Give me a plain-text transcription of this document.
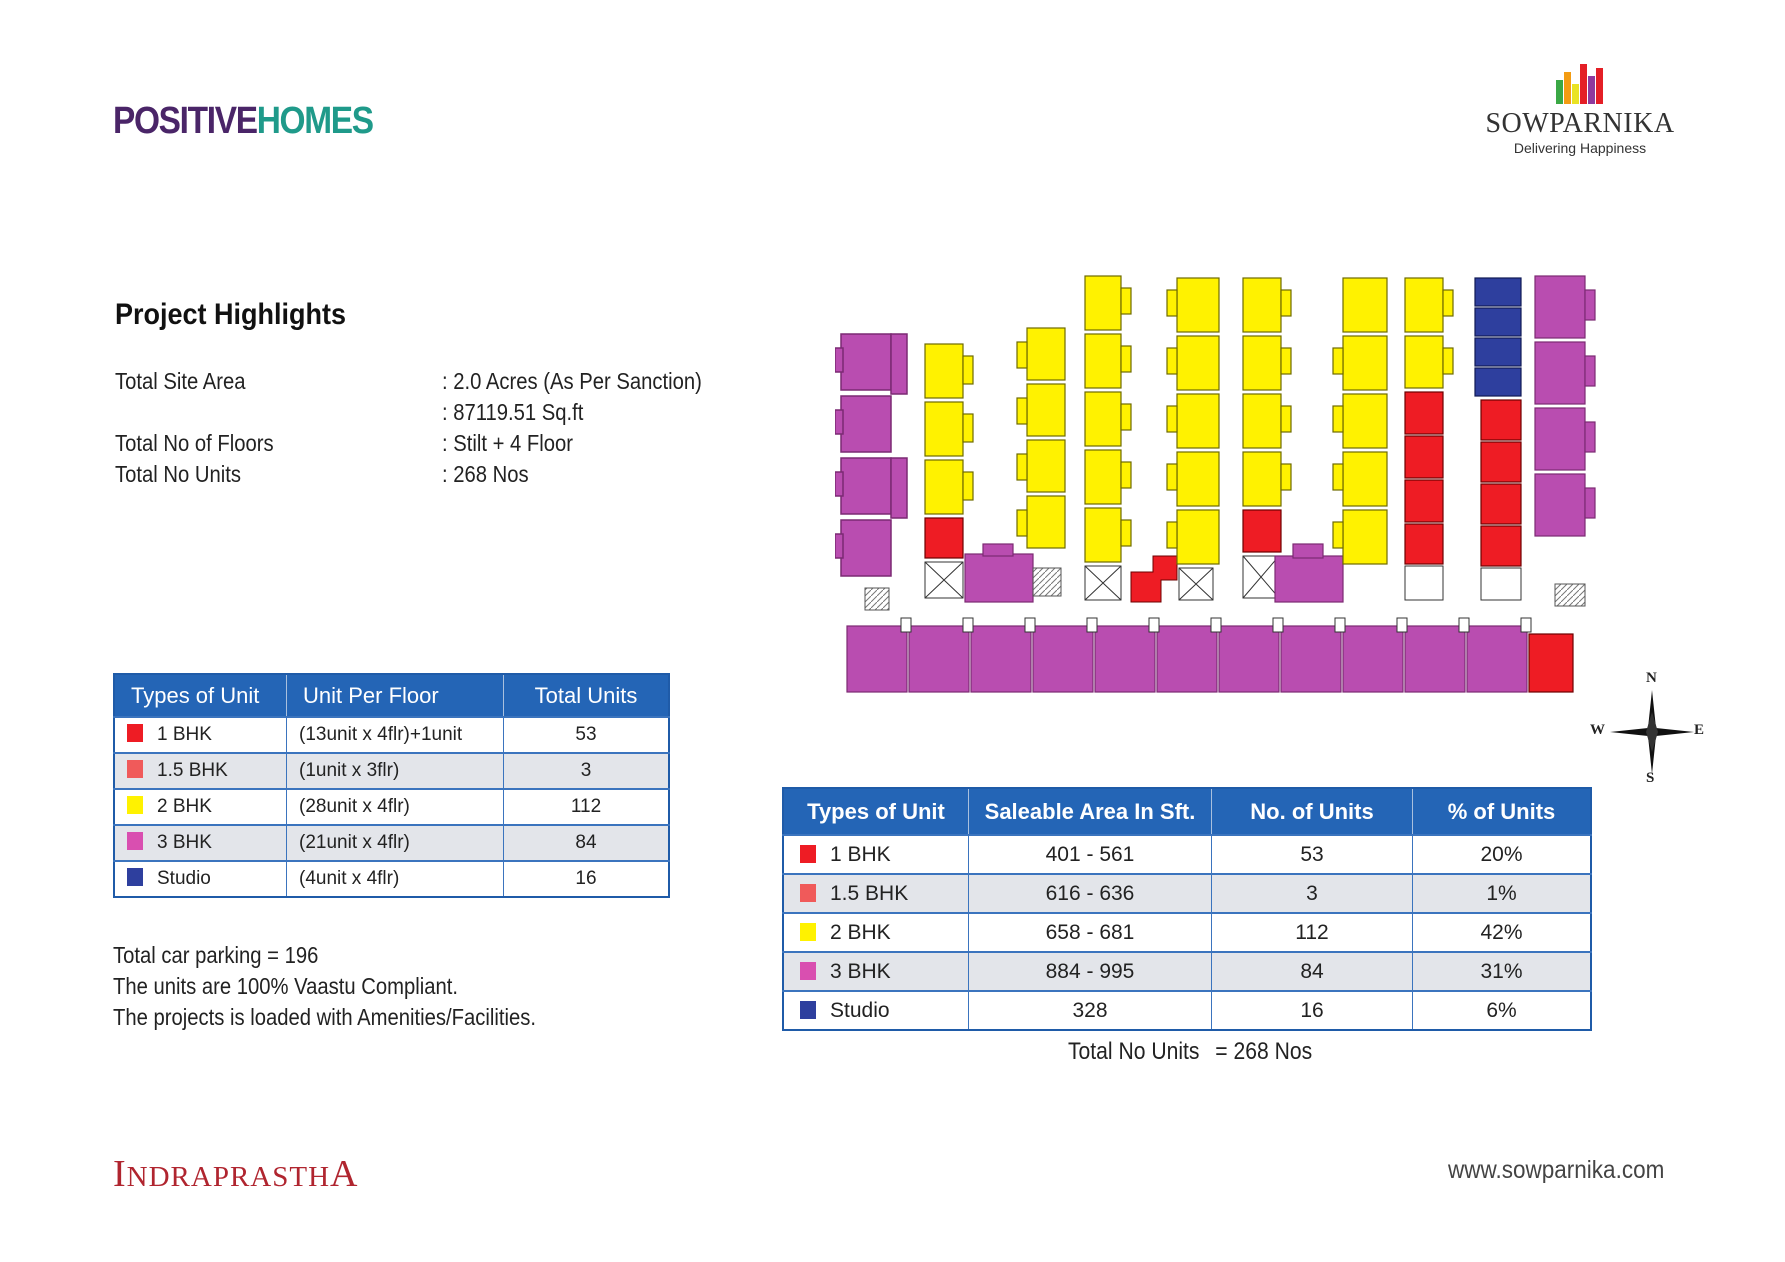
POSITIVEHOMES	SOWPARNIKA
Delivering Happiness
Project Highlights
Total Site Area	: 2.0 Acres (As Per Sanction)
: 87119.51 Sq.ft
Total No of Floors	: Stilt + 4 Floor
Total No Units	: 268 Nos
Types of Unit	Unit Per Floor	Total Units
1 BHK	(13unit x 4flr)+1unit	53
1.5 BHK	(1unit x 3flr)	3
2 BHK	(28unit x 4flr)	112
3 BHK	(21unit x 4flr)	84
Studio	(4unit x 4flr)	16
Total car parking = 196
The units are 100% Vaastu Compliant.
The projects is loaded with Amenities/Facilities.
N
S
W	E
Types of Unit	Saleable Area In Sft.	No. of Units	% of Units
1 BHK	401 - 561	53	20%
1.5 BHK	616 - 636	3	1%
2 BHK	658 - 681	112	42%
3 BHK	884 - 995	84	31%
Studio	328	16	6%
Total No Units = 268 Nos
INDRAPRASTHA	www.sowparnika.com
